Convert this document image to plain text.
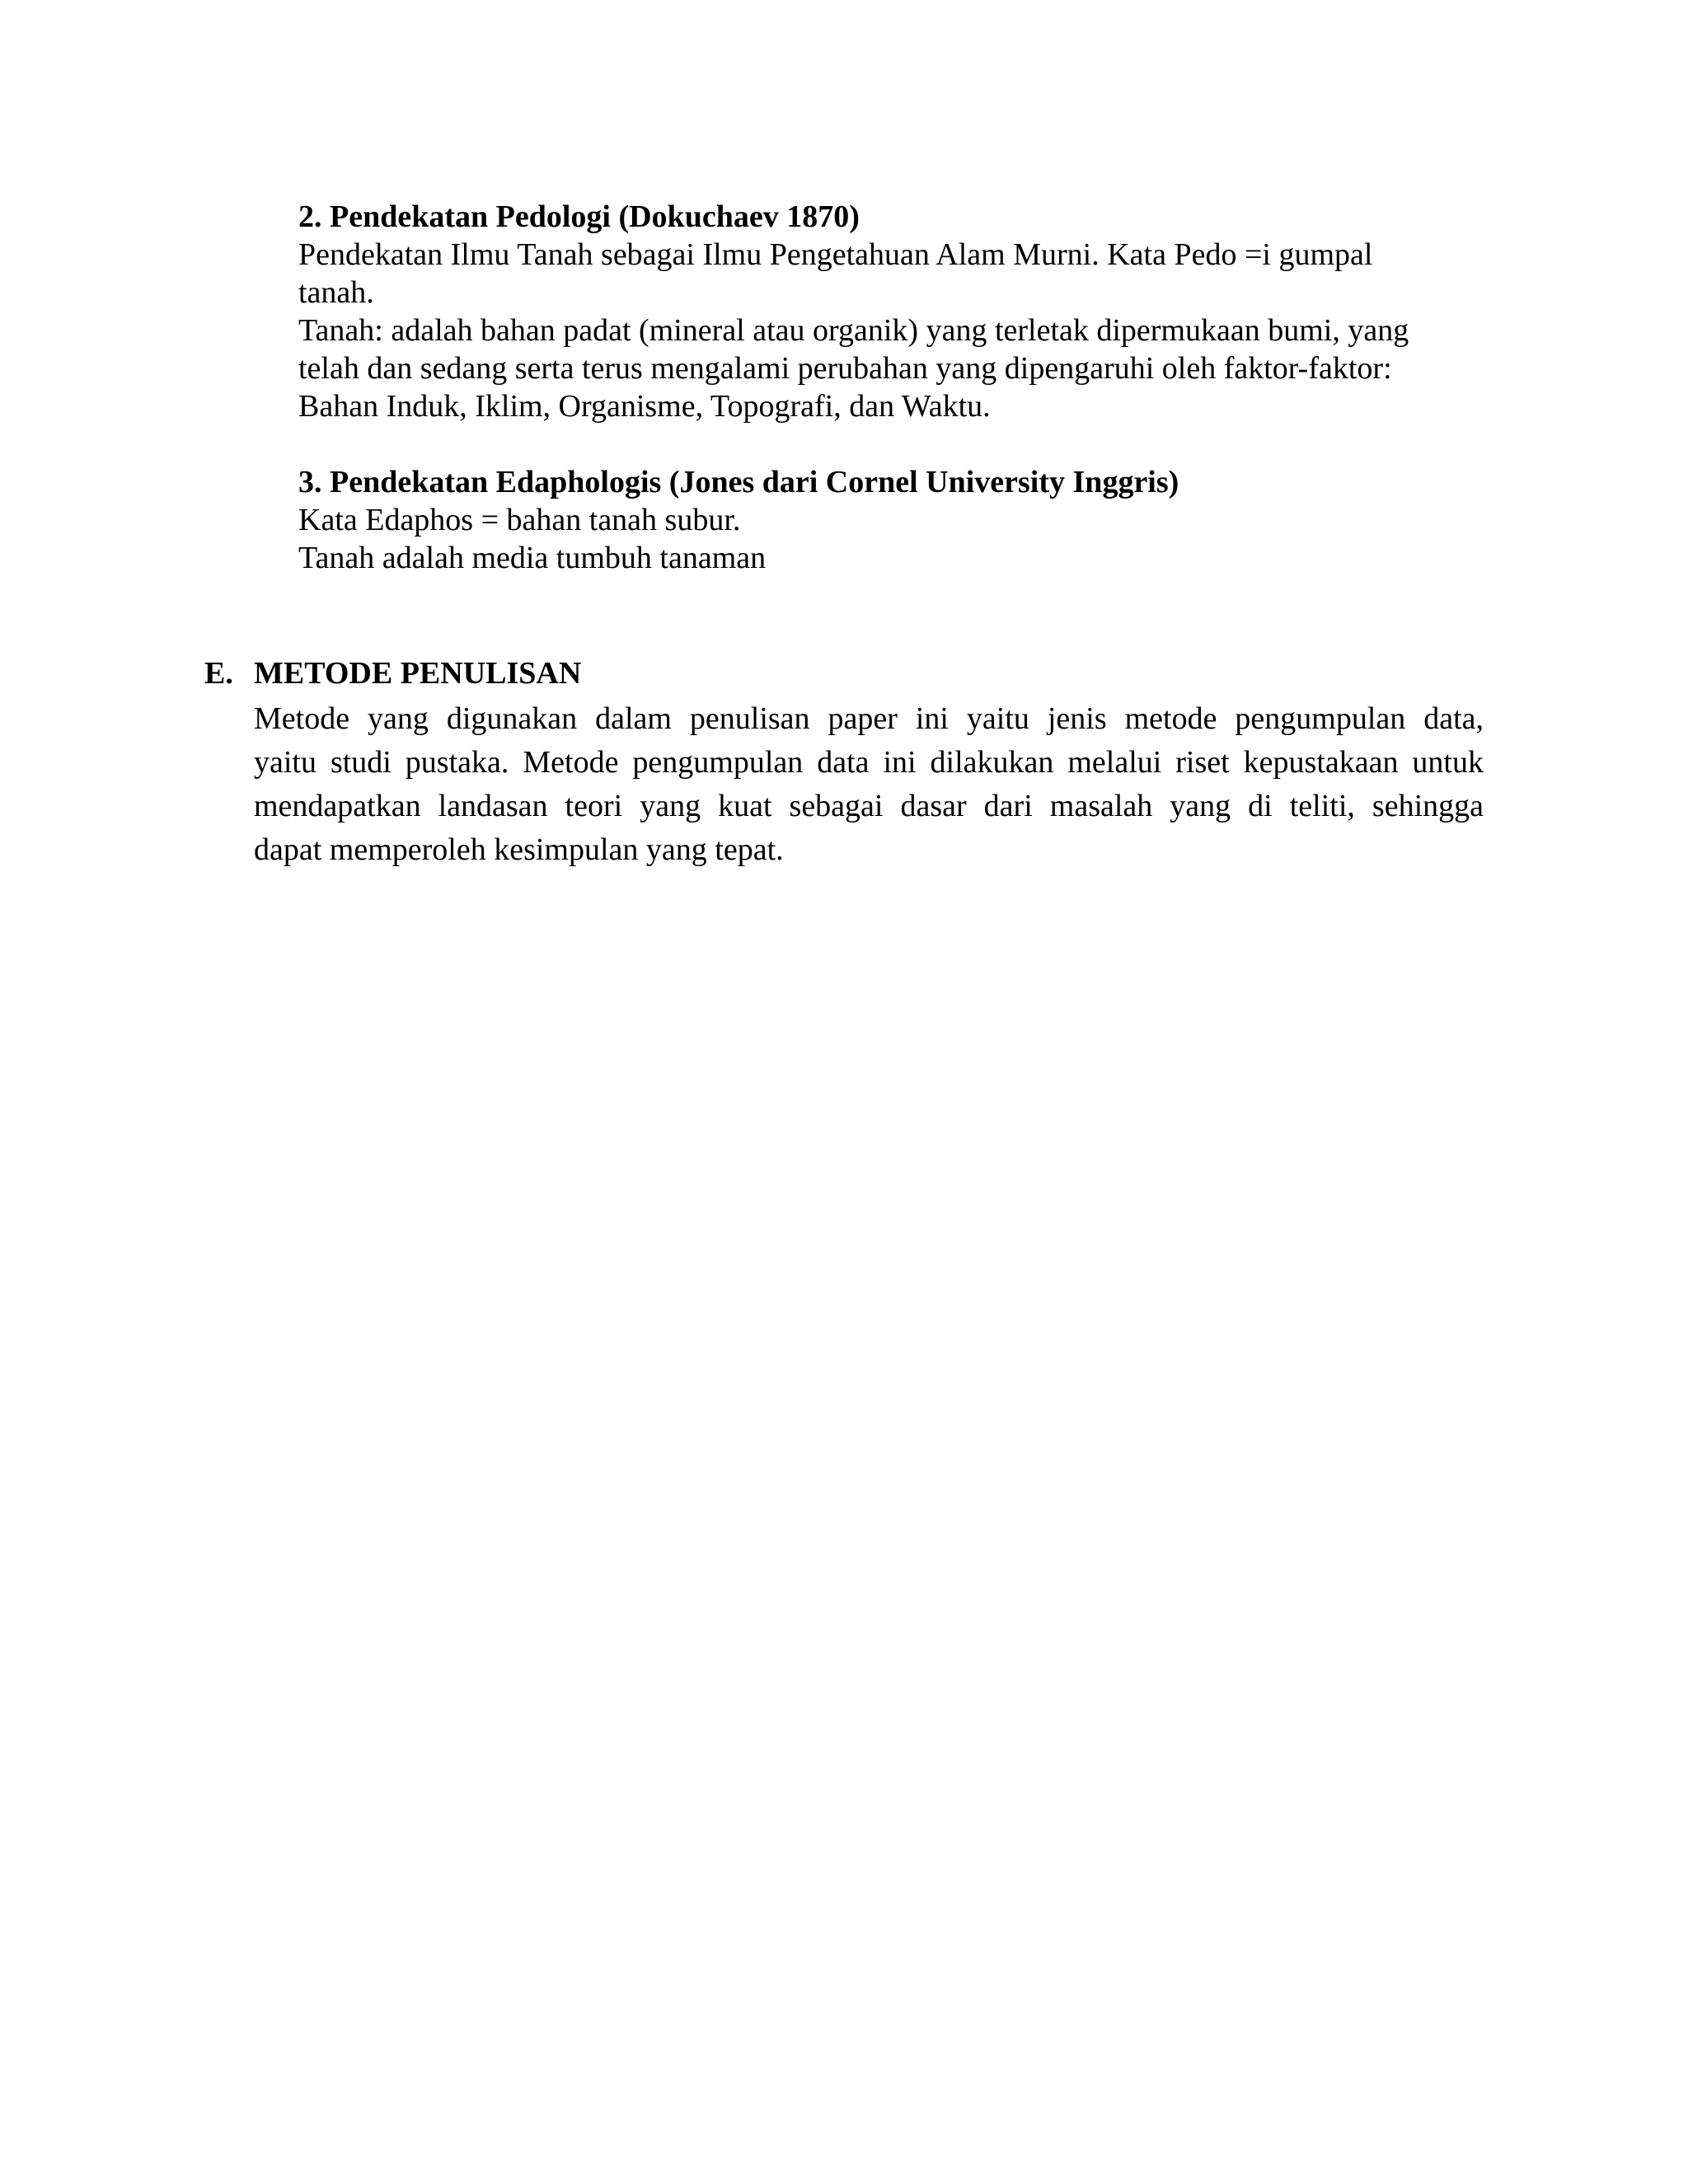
2. Pendekatan Pedologi (Dokuchaev 1870)
Pendekatan Ilmu Tanah sebagai Ilmu Pengetahuan Alam Murni. Kata Pedo =i gumpal
tanah.
Tanah: adalah bahan padat (mineral atau organik) yang terletak dipermukaan bumi, yang
telah dan sedang serta terus mengalami perubahan yang dipengaruhi oleh faktor-faktor:
Bahan Induk, Iklim, Organisme, Topografi, dan Waktu.
3. Pendekatan Edaphologis (Jones dari Cornel University Inggris)
Kata Edaphos = bahan tanah subur.
Tanah adalah media tumbuh tanaman
E. METODE PENULISAN
Metode yang digunakan dalam penulisan paper ini yaitu jenis metode pengumpulan data,
yaitu studi pustaka. Metode pengumpulan data ini dilakukan melalui riset kepustakaan untuk
mendapatkan landasan teori yang kuat sebagai dasar dari masalah yang di teliti, sehingga
dapat memperoleh kesimpulan yang tepat.
